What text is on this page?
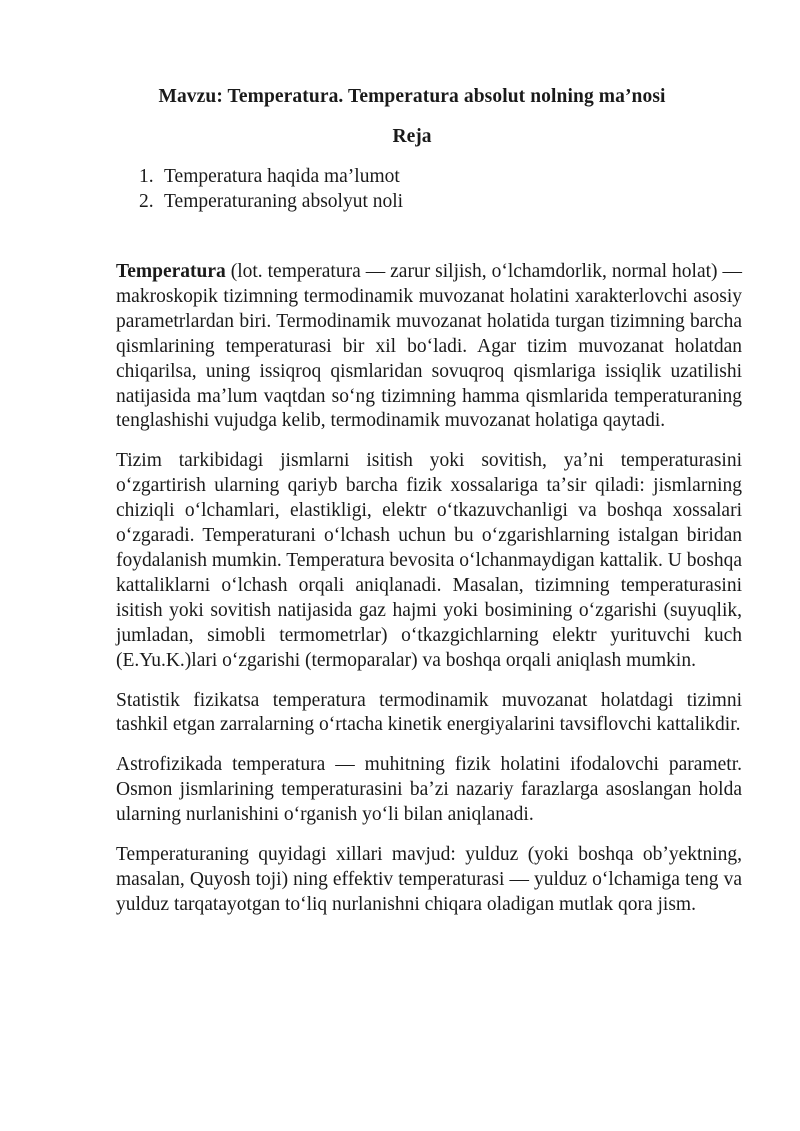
Mavzu: Temperatura. Temperatura absolut nolning ma’nosi
Reja
1. Temperatura haqida ma’lumot
2. Temperaturaning absolyut noli

Temperatura (lot. temperatura — zarur siljish, oʻlchamdorlik, normal holat) — makroskopik tizimning termodinamik muvozanat holatini xarakterlovchi asosiy parametrlardan biri. Termodinamik muvozanat holatida turgan tizimning barcha qismlarining temperaturasi bir xil boʻladi. Agar tizim muvozanat holatdan chiqarilsa, uning issiqroq qismlaridan sovuqroq qismlariga issiqlik uzatilishi natijasida maʼlum vaqtdan soʻng tizimning hamma qismlarida temperaturaning tenglashishi vujudga kelib, termodinamik muvozanat holatiga qaytadi.

Tizim tarkibidagi jismlarni isitish yoki sovitish, yaʼni temperaturasini oʻzgartirish ularning qariyb barcha fizik xossalariga taʼsir qiladi: jismlarning chiziqli oʻlchamlari, elastikligi, elektr oʻtkazuvchanligi va boshqa xossalari oʻzgaradi. Temperaturani oʻlchash uchun bu oʻzgarishlarning istalgan biridan foydalanish mumkin. Temperatura bevosita oʻlchanmaydigan kattalik. U boshqa kattaliklarni oʻlchash orqali aniqlanadi. Masalan, tizimning temperaturasini isitish yoki sovitish natijasida gaz hajmi yoki bosimining oʻzgarishi (suyuqlik, jumladan, simobli termometrlar) oʻtkazgichlarning elektr yurituvchi kuch (E.Yu.K.)lari oʻzgarishi (termoparalar) va boshqa orqali aniqlash mumkin.

Statistik fizikatsa temperatura termodinamik muvozanat holatdagi tizimni tashkil etgan zarralarning oʻrtacha kinetik energiyalarini tavsiflovchi kattalikdir.

Astrofizikada temperatura — muhitning fizik holatini ifodalovchi parametr. Osmon jismlarining temperaturasini baʼzi nazariy farazlarga asoslangan holda ularning nurlanishini oʻrganish yoʻli bilan aniqlanadi.

Temperaturaning quyidagi xillari mavjud: yulduz (yoki boshqa obʼyektning, masalan, Quyosh toji) ning effektiv temperaturasi — yulduz oʻlchamiga teng va yulduz tarqatayotgan toʻliq nurlanishni chiqara oladigan mutlak qora jism.
